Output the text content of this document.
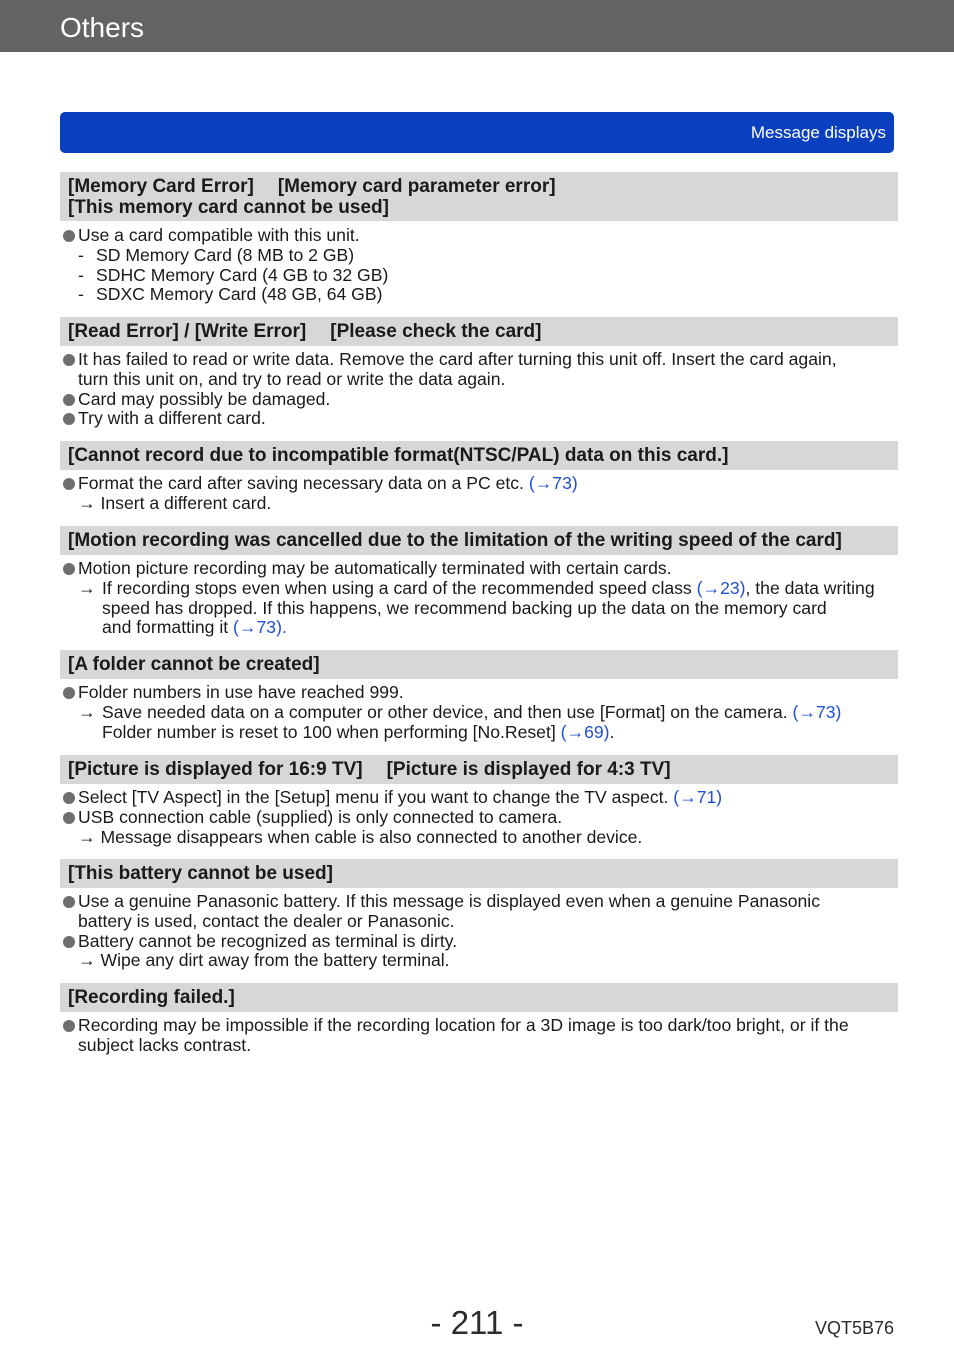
Others
Message displays
[Memory Card Error] [Memory card parameter error]
[This memory card cannot be used]
Use a card compatible with this unit.
- SD Memory Card (8 MB to 2 GB)
- SDHC Memory Card (4 GB to 32 GB)
- SDXC Memory Card (48 GB, 64 GB)
[Read Error] / [Write Error] [Please check the card]
It has failed to read or write data. Remove the card after turning this unit off. Insert the card again,
turn this unit on, and try to read or write the data again.
Card may possibly be damaged.
Try with a different card.
[Cannot record due to incompatible format(NTSC/PAL) data on this card.]
Format the card after saving necessary data on a PC etc. (→73)
→ Insert a different card.
[Motion recording was cancelled due to the limitation of the writing speed of the card]
Motion picture recording may be automatically terminated with certain cards.
→ If recording stops even when using a card of the recommended speed class (→23), the data writing
speed has dropped. If this happens, we recommend backing up the data on the memory card
and formatting it (→73).
[A folder cannot be created]
Folder numbers in use have reached 999.
→ Save needed data on a computer or other device, and then use [Format] on the camera. (→73)
Folder number is reset to 100 when performing [No.Reset] (→69).
[Picture is displayed for 16:9 TV] [Picture is displayed for 4:3 TV]
Select [TV Aspect] in the [Setup] menu if you want to change the TV aspect. (→71)
USB connection cable (supplied) is only connected to camera.
→ Message disappears when cable is also connected to another device.
[This battery cannot be used]
Use a genuine Panasonic battery. If this message is displayed even when a genuine Panasonic
battery is used, contact the dealer or Panasonic.
Battery cannot be recognized as terminal is dirty.
→ Wipe any dirt away from the battery terminal.
[Recording failed.]
Recording may be impossible if the recording location for a 3D image is too dark/too bright, or if the
subject lacks contrast.
- 211 -	VQT5B76
